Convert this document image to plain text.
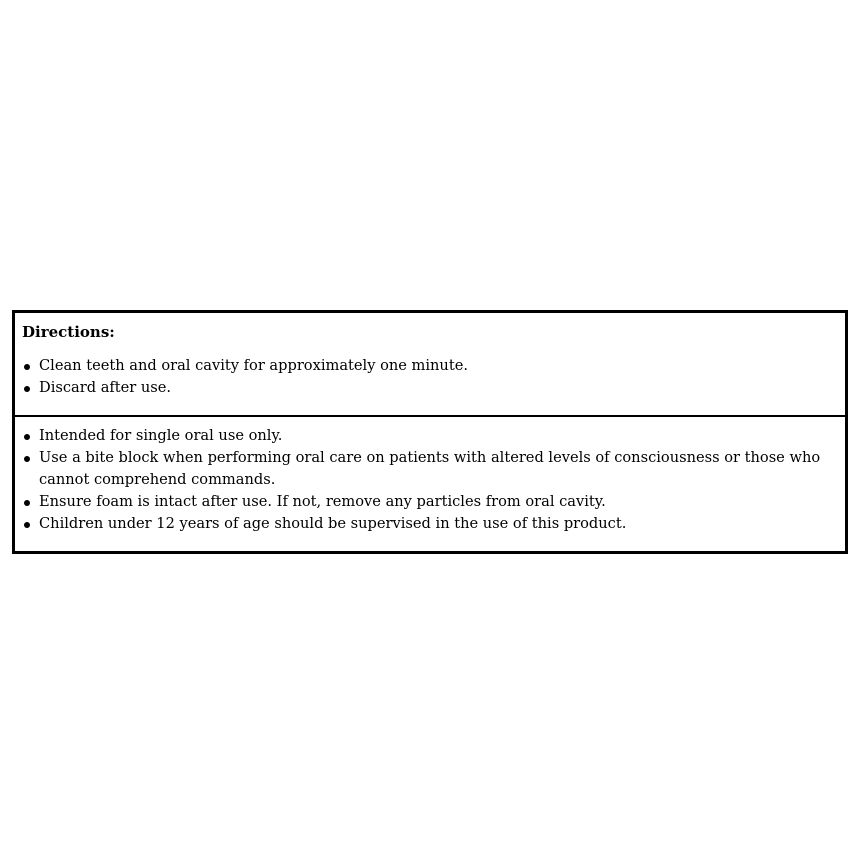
Directions:
Clean teeth and oral cavity for approximately one minute.
Discard after use.
Intended for single oral use only.
Use a bite block when performing oral care on patients with altered levels of consciousness or those who cannot comprehend commands.
Ensure foam is intact after use. If not, remove any particles from oral cavity.
Children under 12 years of age should be supervised in the use of this product.
